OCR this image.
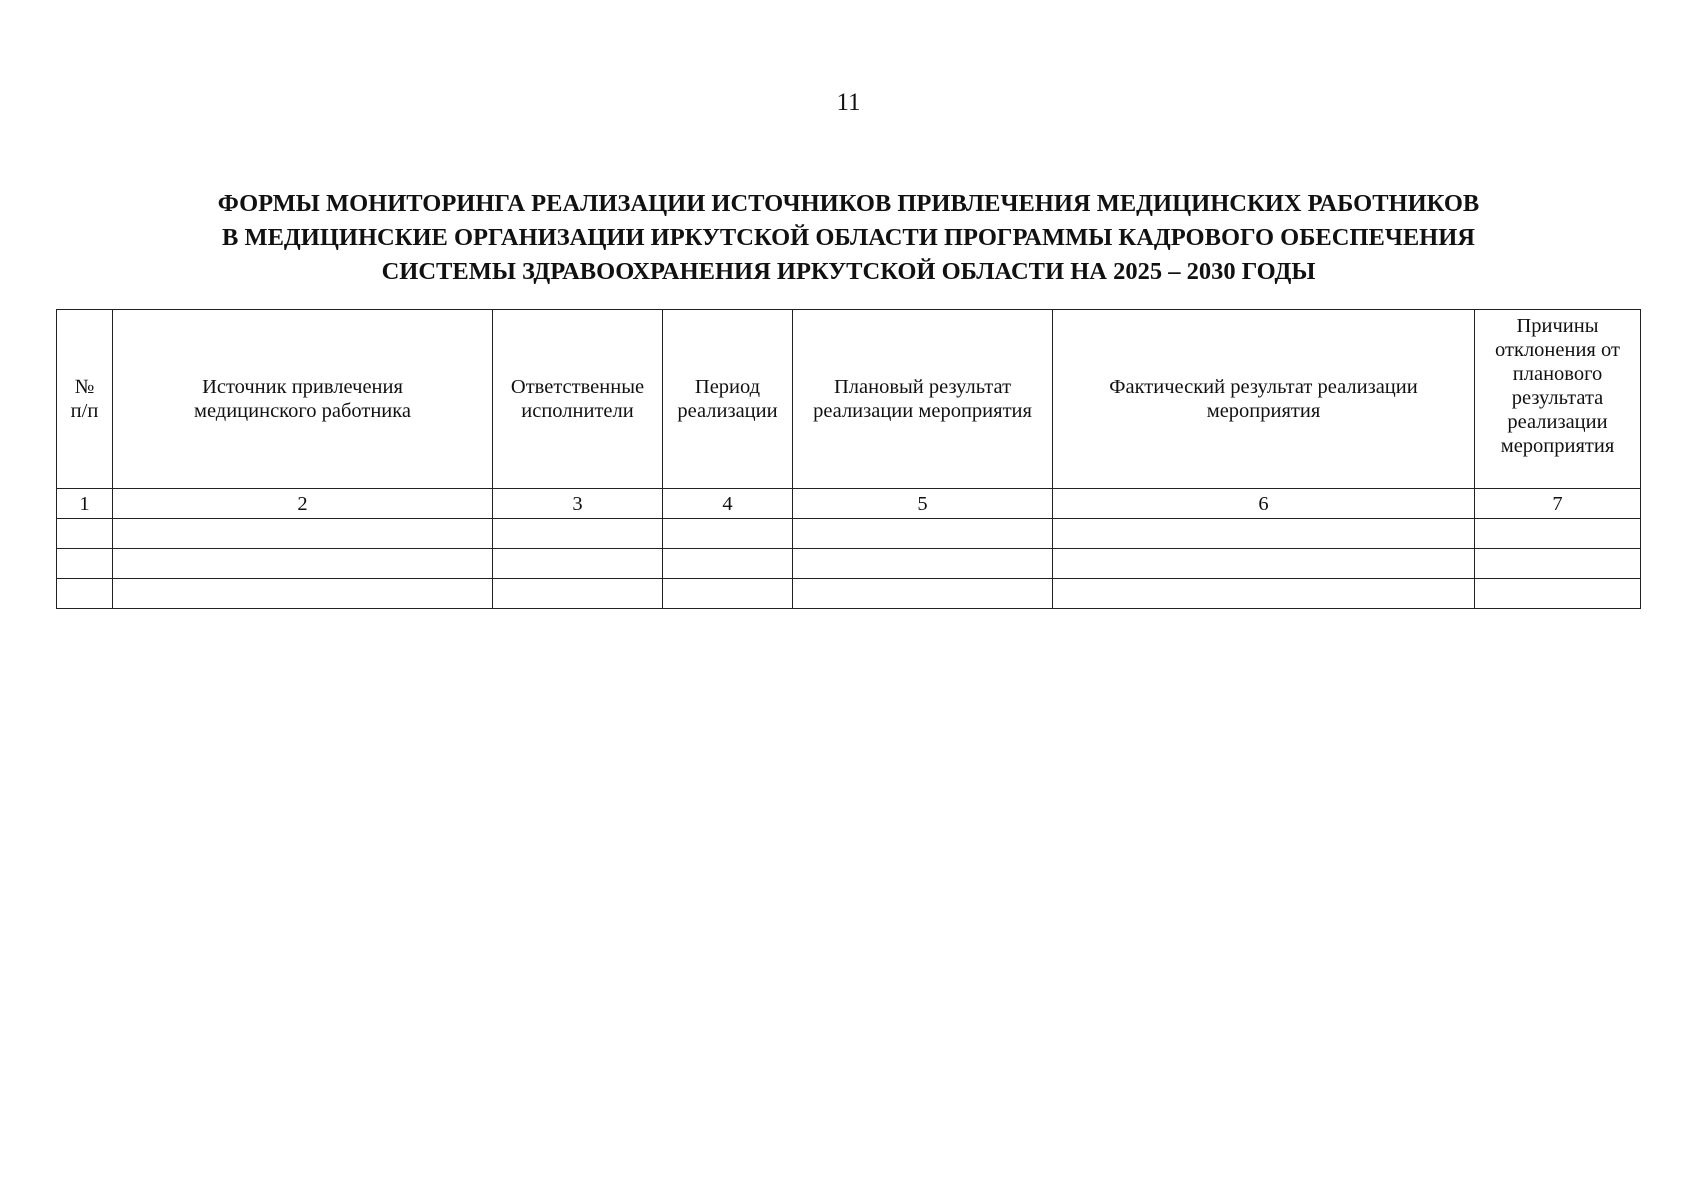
11
ФОРМЫ МОНИТОРИНГА РЕАЛИЗАЦИИ ИСТОЧНИКОВ ПРИВЛЕЧЕНИЯ МЕДИЦИНСКИХ РАБОТНИКОВ
В МЕДИЦИНСКИЕ ОРГАНИЗАЦИИ ИРКУТСКОЙ ОБЛАСТИ ПРОГРАММЫ КАДРОВОГО ОБЕСПЕЧЕНИЯ
СИСТЕМЫ ЗДРАВООХРАНЕНИЯ ИРКУТСКОЙ ОБЛАСТИ НА 2025 – 2030 ГОДЫ
№ п/п	Источник привлечения медицинского работника	Ответственные исполнители	Период реализации	Плановый результат реализации мероприятия	Фактический результат реализации мероприятия	Причины отклонения от планового результата реализации мероприятия
1	2	3	4	5	6	7
